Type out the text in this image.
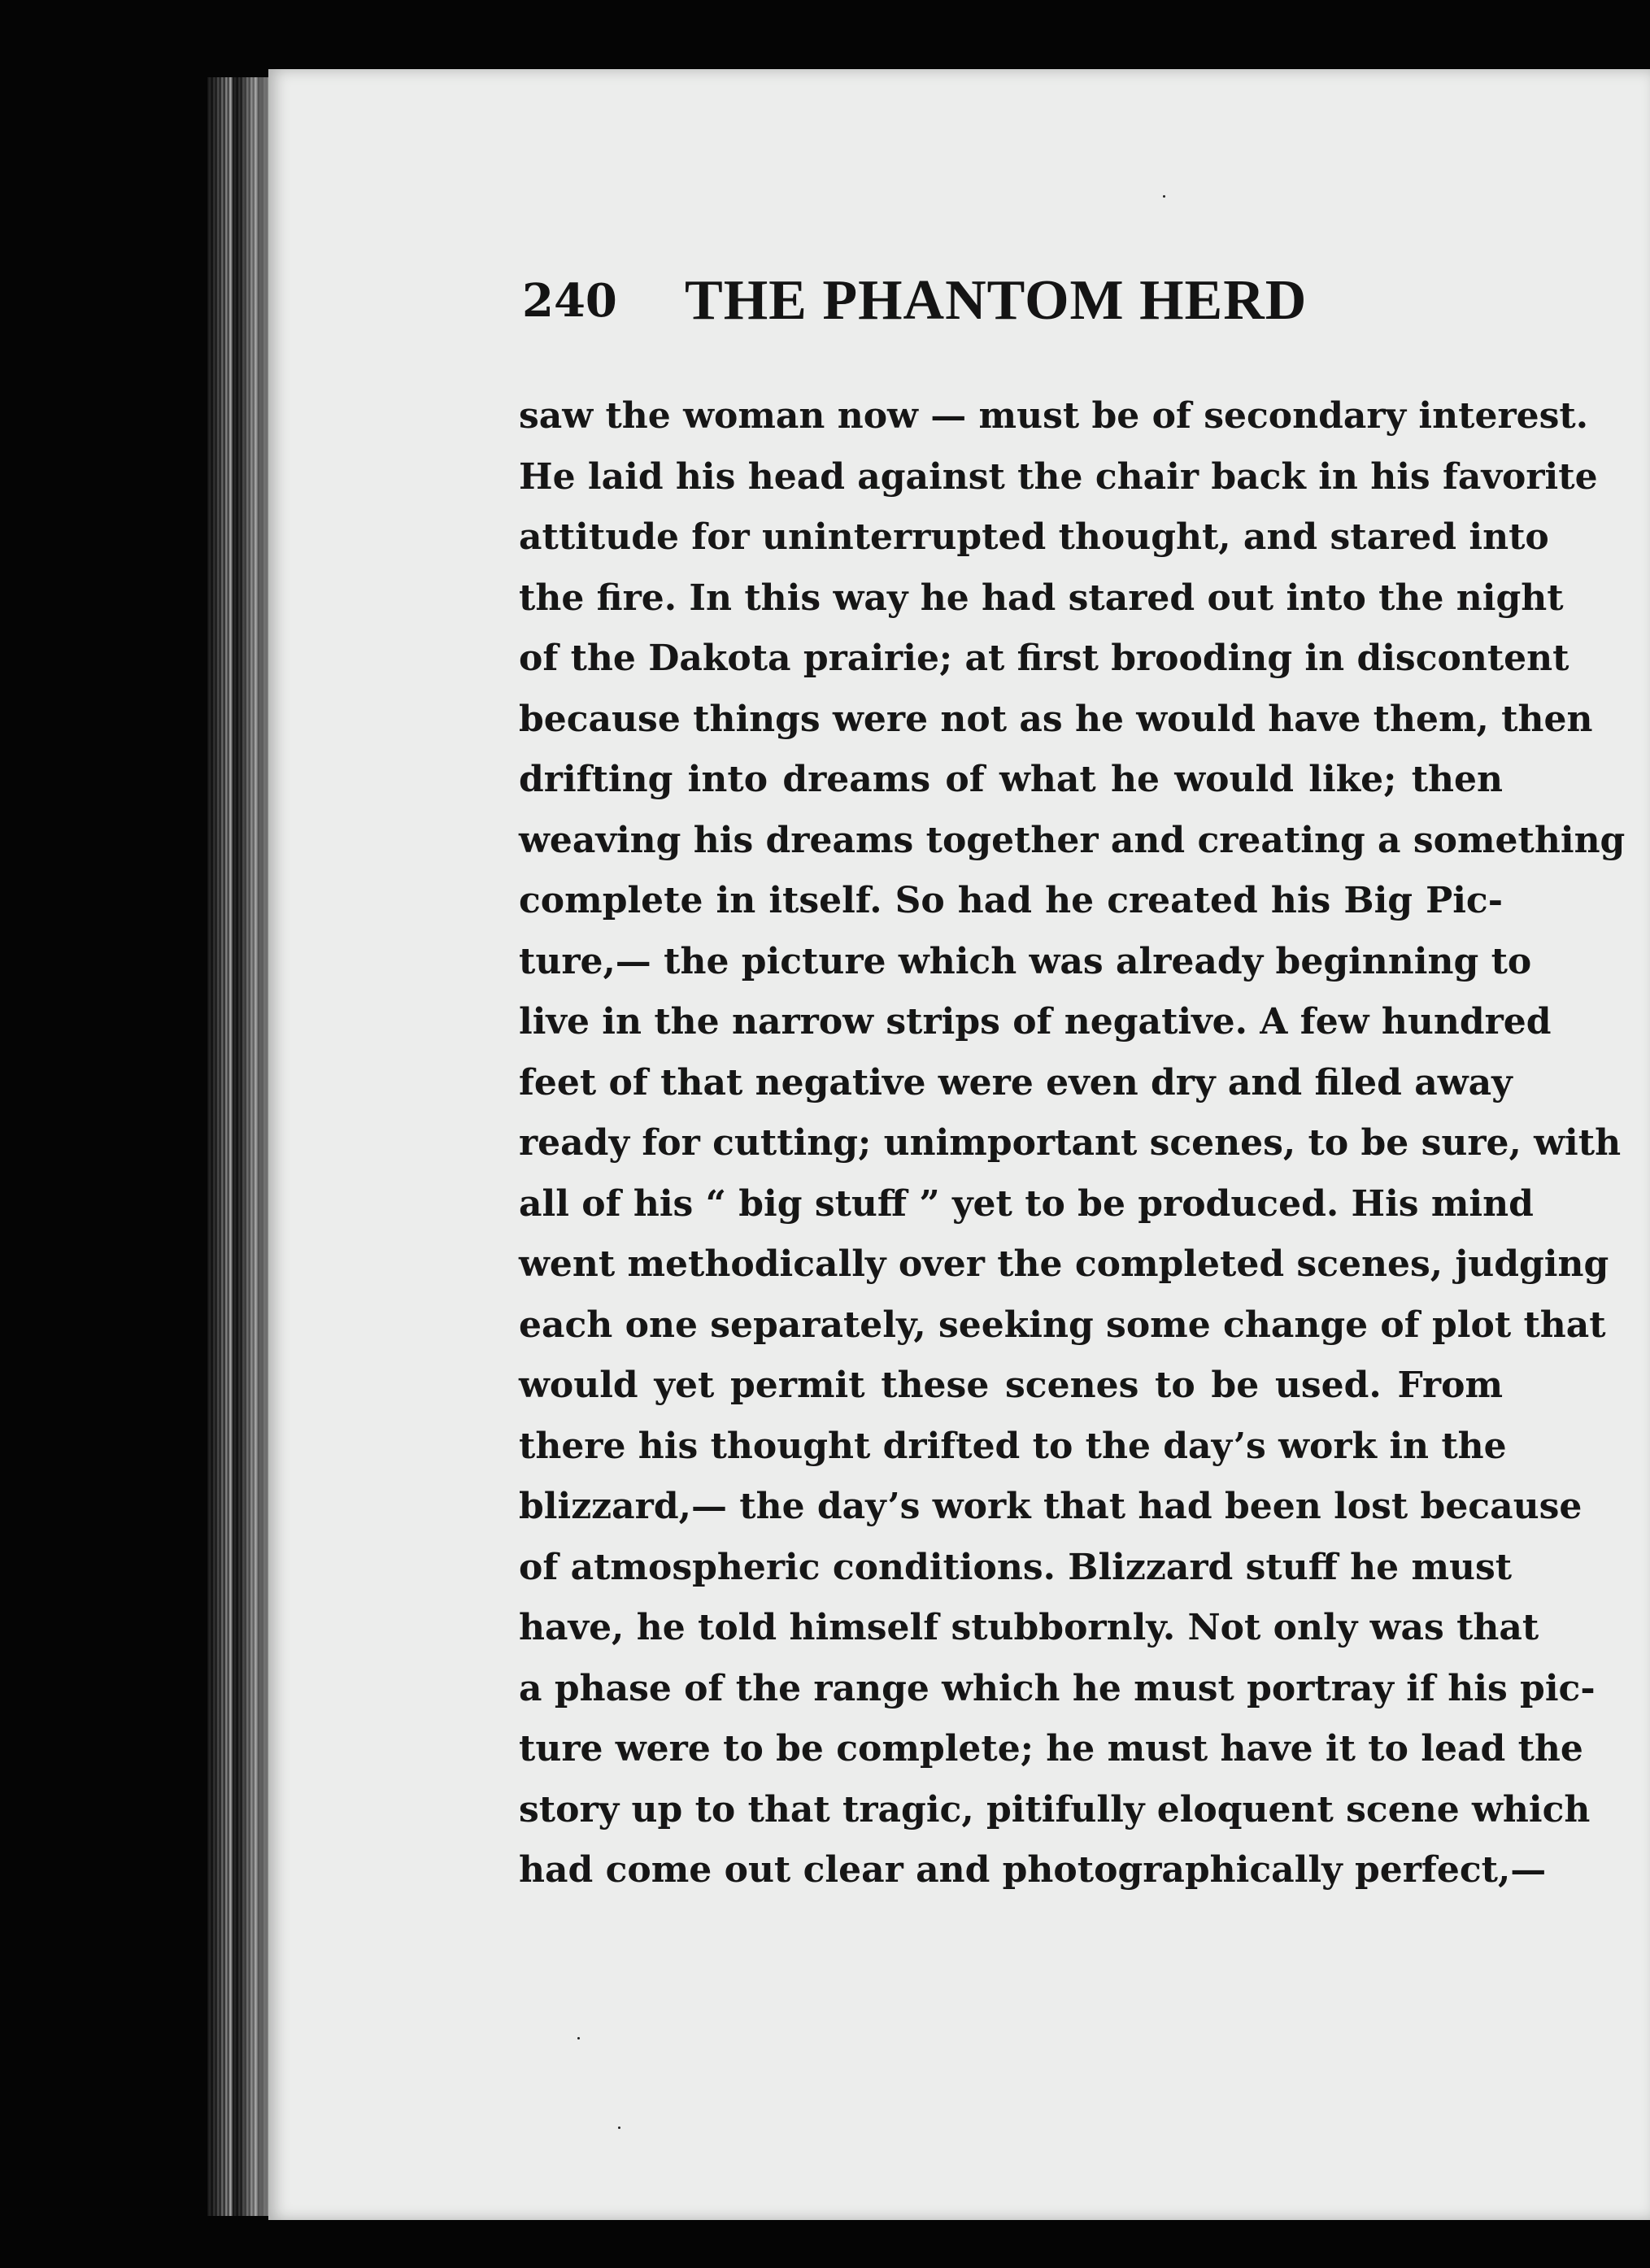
240 THE PHANTOM HERD
saw the woman now — must be of secondary interest.
He laid his head against the chair back in his favorite
attitude for uninterrupted thought, and stared into
the fire. In this way he had stared out into the night
of the Dakota prairie; at first brooding in discontent
because things were not as he would have them, then
drifting into dreams of what he would like; then
weaving his dreams together and creating a something
complete in itself. So had he created his Big Pic-
ture,— the picture which was already beginning to
live in the narrow strips of negative. A few hundred
feet of that negative were even dry and filed away
ready for cutting; unimportant scenes, to be sure, with
all of his “ big stuff ” yet to be produced. His mind
went methodically over the completed scenes, judging
each one separately, seeking some change of plot that
would yet permit these scenes to be used. From
there his thought drifted to the day’s work in the
blizzard,— the day’s work that had been lost because
of atmospheric conditions. Blizzard stuff he must
have, he told himself stubbornly. Not only was that
a phase of the range which he must portray if his pic-
ture were to be complete; he must have it to lead the
story up to that tragic, pitifully eloquent scene which
had come out clear and photographically perfect,—
